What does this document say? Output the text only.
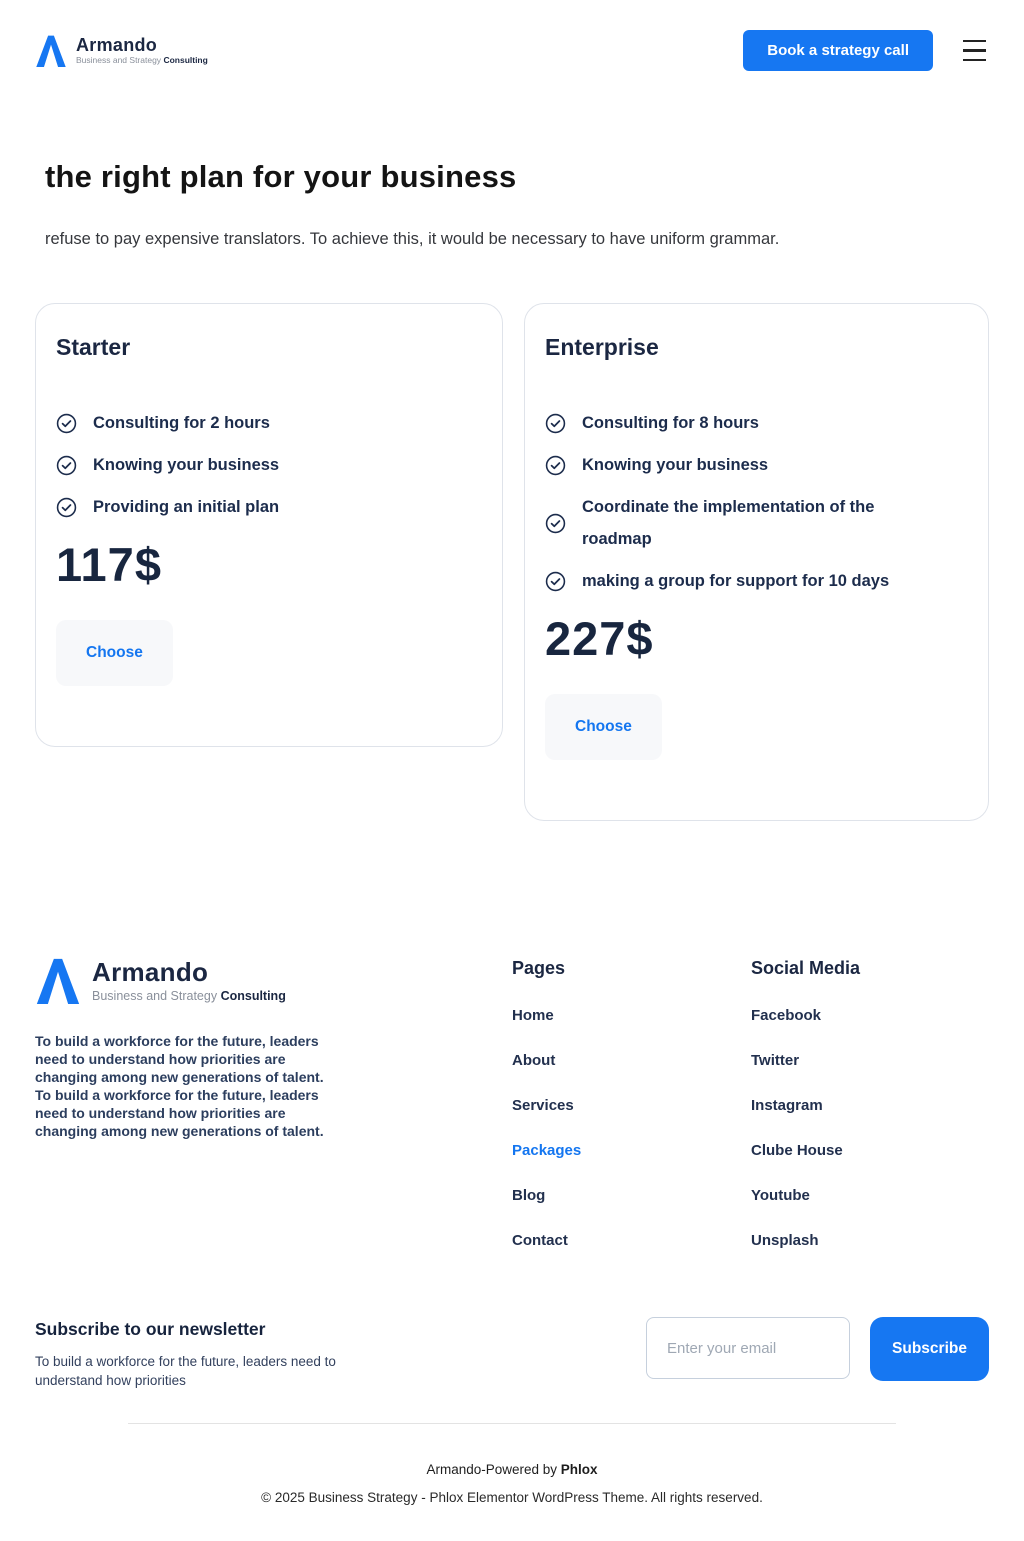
Armando
Business and Strategy Consulting
Book a strategy call
the right plan for your business

refuse to pay expensive translators. To achieve this, it would be necessary to have uniform grammar.

Starter
Consulting for 2 hours
Knowing your business
Providing an initial plan
117$
Choose
Enterprise
Consulting for 8 hours
Knowing your business
Coordinate the implementation of the roadmap
making a group for support for 10 days
227$
Choose
Armando
Business and Strategy Consulting

To build a workforce for the future, leaders need to understand how priorities are changing among new generations of talent.
To build a workforce for the future, leaders need to understand how priorities are changing among new generations of talent.

Pages
Home
About
Services
Packages
Blog
Contact
Social Media
Facebook
Twitter
Instagram
Clube House
Youtube
Unsplash
Subscribe to our newsletter

To build a workforce for the future, leaders need to understand how priorities

Enter your email
Subscribe

Armando-Powered by Phlox

© 2025 Business Strategy - Phlox Elementor WordPress Theme. All rights reserved.
